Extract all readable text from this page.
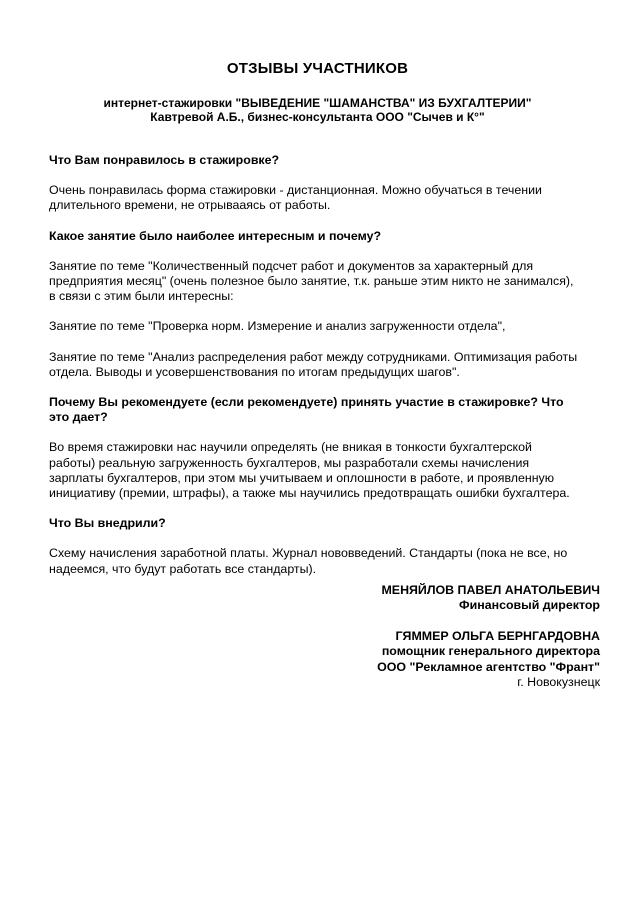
ОТЗЫВЫ УЧАСТНИКОВ
интернет-стажировки "ВЫВЕДЕНИЕ "ШАМАНСТВА" ИЗ БУХГАЛТЕРИИ"
Кавтревой А.Б., бизнес-консультанта ООО "Сычев и К°"
Что Вам понравилось в стажировке?

Очень понравилась форма стажировки - дистанционная. Можно обучаться в течении
длительного времени, не отрывааясь от работы.

Какое занятие было наиболее интересным и почему?

Занятие по теме "Количественный подсчет работ и документов за характерный для
предприятия месяц" (очень полезное было занятие, т.к. раньше этим никто не занимался),
в связи с этим были интересны:

Занятие по теме "Проверка норм. Измерение и анализ загруженности отдела",

Занятие по теме "Анализ распределения работ между сотрудниками. Оптимизация работы
отдела. Выводы и усовершенствования по итогам предыдущих шагов".

Почему Вы рекомендуете (если рекомендуете) принять участие в стажировке? Что
это дает?

Во время стажировки нас научили определять (не вникая в тонкости бухгалтерской
работы) реальную загруженность бухгалтеров, мы разработали схемы начисления
зарплаты бухгалтеров, при этом мы учитываем и оплошности в работе, и проявленную
инициативу (премии, штрафы), а также мы научились предотвращать ошибки бухгалтера.

Что Вы внедрили?

Схему начисления заработной платы. Журнал нововведений. Стандарты (пока не все, но
надеемся, что будут работать все стандарты).

МЕНЯЙЛОВ ПАВЕЛ АНАТОЛЬЕВИЧ
Финансовый директор
ГЯММЕР ОЛЬГА БЕРНГАРДОВНА
помощник генерального директора
ООО "Рекламное агентство "Франт"
г. Новокузнецк
